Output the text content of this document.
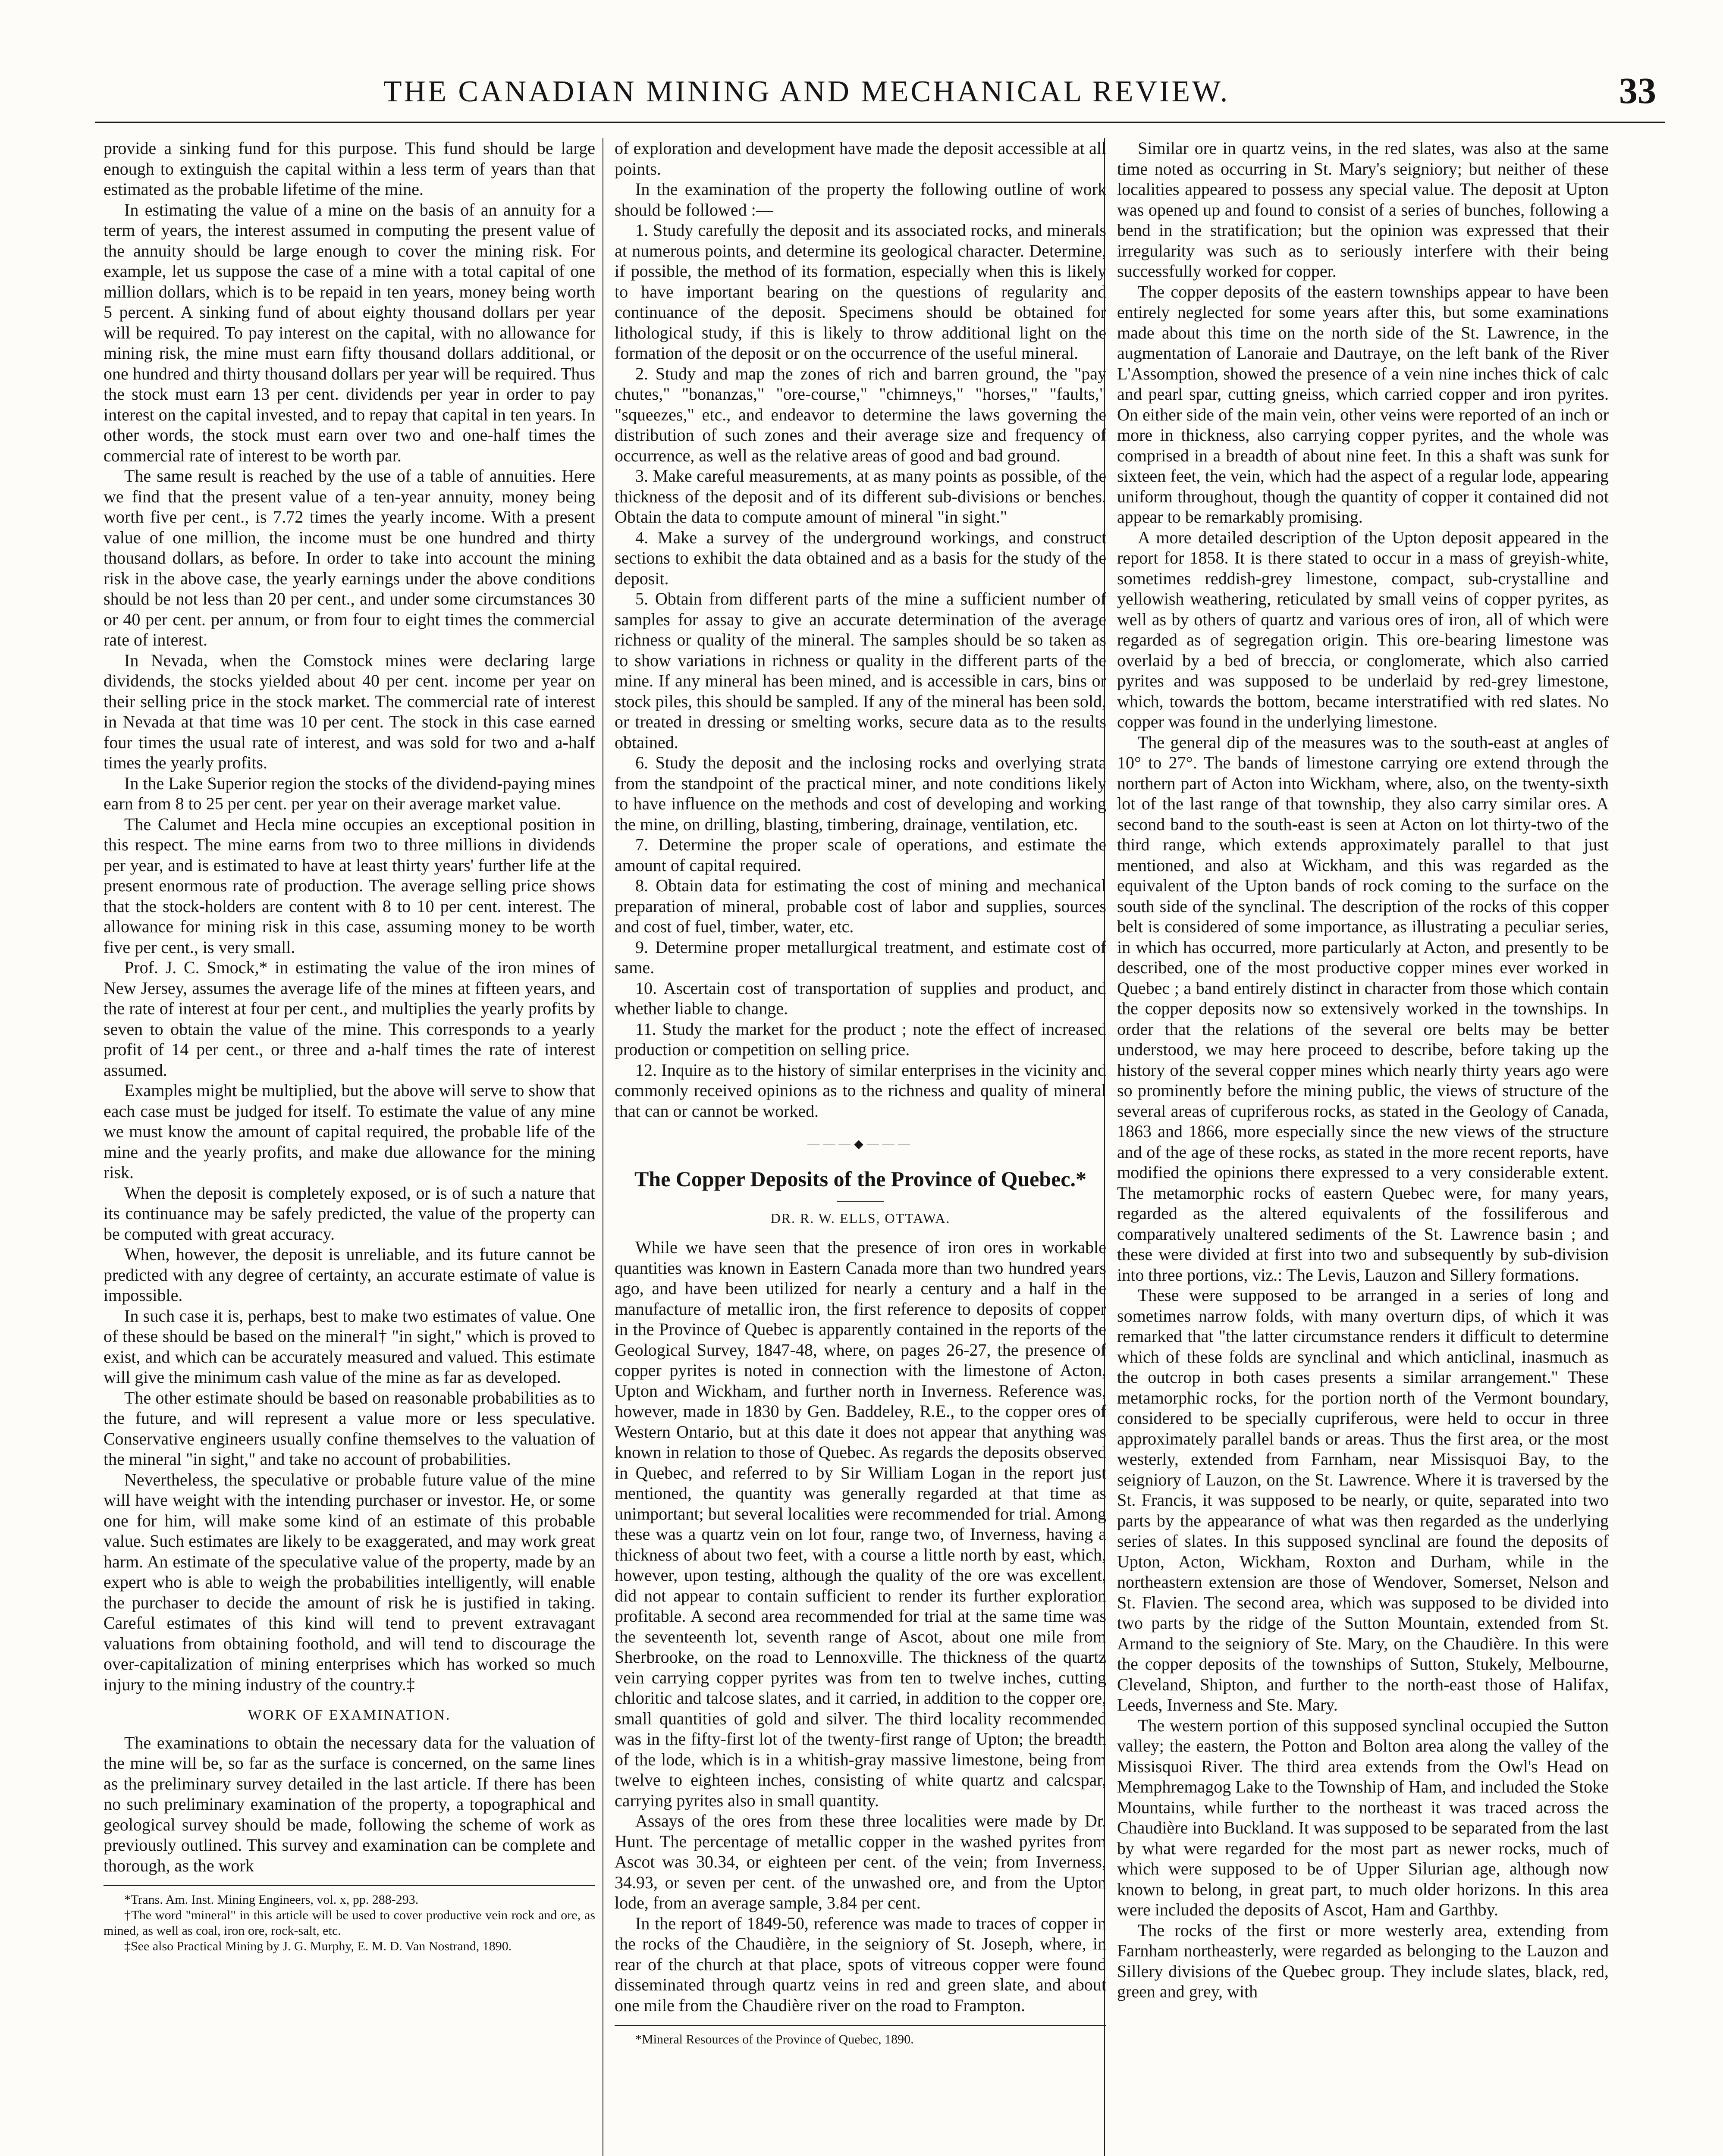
THE CANADIAN MINING AND MECHANICAL REVIEW.	33

provide a sinking fund for this purpose. This fund should be large enough to extinguish the capital within a less term of years than that estimated as the probable lifetime of the mine.

In estimating the value of a mine on the basis of an annuity for a term of years, the interest assumed in computing the present value of the annuity should be large enough to cover the mining risk. For example, let us suppose the case of a mine with a total capital of one million dollars, which is to be repaid in ten years, money being worth 5 percent. A sinking fund of about eighty thousand dollars per year will be required. To pay interest on the capital, with no allowance for mining risk, the mine must earn fifty thousand dollars additional, or one hundred and thirty thousand dollars per year will be required. Thus the stock must earn 13 per cent. dividends per year in order to pay interest on the capital invested, and to repay that capital in ten years. In other words, the stock must earn over two and one-half times the commercial rate of interest to be worth par.

The same result is reached by the use of a table of annuities. Here we find that the present value of a ten-year annuity, money being worth five per cent., is 7.72 times the yearly income. With a present value of one million, the income must be one hundred and thirty thousand dollars, as before. In order to take into account the mining risk in the above case, the yearly earnings under the above conditions should be not less than 20 per cent., and under some circumstances 30 or 40 per cent. per annum, or from four to eight times the commercial rate of interest.

In Nevada, when the Comstock mines were declaring large dividends, the stocks yielded about 40 per cent. income per year on their selling price in the stock market. The commercial rate of interest in Nevada at that time was 10 per cent. The stock in this case earned four times the usual rate of interest, and was sold for two and a-half times the yearly profits.

In the Lake Superior region the stocks of the dividend-paying mines earn from 8 to 25 per cent. per year on their average market value.

The Calumet and Hecla mine occupies an exceptional position in this respect. The mine earns from two to three millions in dividends per year, and is estimated to have at least thirty years' further life at the present enormous rate of production. The average selling price shows that the stock-holders are content with 8 to 10 per cent. interest. The allowance for mining risk in this case, assuming money to be worth five per cent., is very small.

Prof. J. C. Smock,* in estimating the value of the iron mines of New Jersey, assumes the average life of the mines at fifteen years, and the rate of interest at four per cent., and multiplies the yearly profits by seven to obtain the value of the mine. This corresponds to a yearly profit of 14 per cent., or three and a-half times the rate of interest assumed.

Examples might be multiplied, but the above will serve to show that each case must be judged for itself. To estimate the value of any mine we must know the amount of capital required, the probable life of the mine and the yearly profits, and make due allowance for the mining risk.

When the deposit is completely exposed, or is of such a nature that its continuance may be safely predicted, the value of the property can be computed with great accuracy.

When, however, the deposit is unreliable, and its future cannot be predicted with any degree of certainty, an accurate estimate of value is impossible.

In such case it is, perhaps, best to make two estimates of value. One of these should be based on the mineral† "in sight," which is proved to exist, and which can be accurately measured and valued. This estimate will give the minimum cash value of the mine as far as developed.

The other estimate should be based on reasonable probabilities as to the future, and will represent a value more or less speculative. Conservative engineers usually confine themselves to the valuation of the mineral "in sight," and take no account of probabilities.

Nevertheless, the speculative or probable future value of the mine will have weight with the intending purchaser or investor. He, or some one for him, will make some kind of an estimate of this probable value. Such estimates are likely to be exaggerated, and may work great harm. An estimate of the speculative value of the property, made by an expert who is able to weigh the probabilities intelligently, will enable the purchaser to decide the amount of risk he is justified in taking. Careful estimates of this kind will tend to prevent extravagant valuations from obtaining foothold, and will tend to discourage the over-capitalization of mining enterprises which has worked so much injury to the mining industry of the country.‡

WORK OF EXAMINATION.

The examinations to obtain the necessary data for the valuation of the mine will be, so far as the surface is concerned, on the same lines as the preliminary survey detailed in the last article. If there has been no such preliminary examination of the property, a topographical and geological survey should be made, following the scheme of work as previously outlined. This survey and examination can be complete and thorough, as the work

*Trans. Am. Inst. Mining Engineers, vol. x, pp. 288-293.

†The word "mineral" in this article will be used to cover productive vein rock and ore, as mined, as well as coal, iron ore, rock-salt, etc.

‡See also Practical Mining by J. G. Murphy, E. M. D. Van Nostrand, 1890.

of exploration and development have made the deposit accessible at all points.

In the examination of the property the following outline of work should be followed :—

1. Study carefully the deposit and its associated rocks, and minerals at numerous points, and determine its geological character. Determine, if possible, the method of its formation, especially when this is likely to have important bearing on the questions of regularity and continuance of the deposit. Specimens should be obtained for lithological study, if this is likely to throw additional light on the formation of the deposit or on the occurrence of the useful mineral.

2. Study and map the zones of rich and barren ground, the "pay chutes," "bonanzas," "ore-course," "chimneys," "horses," "faults," "squeezes," etc., and endeavor to determine the laws governing the distribution of such zones and their average size and frequency of occurrence, as well as the relative areas of good and bad ground.

3. Make careful measurements, at as many points as possible, of the thickness of the deposit and of its different sub-divisions or benches. Obtain the data to compute amount of mineral "in sight."

4. Make a survey of the underground workings, and construct sections to exhibit the data obtained and as a basis for the study of the deposit.

5. Obtain from different parts of the mine a sufficient number of samples for assay to give an accurate determination of the average richness or quality of the mineral. The samples should be so taken as to show variations in richness or quality in the different parts of the mine. If any mineral has been mined, and is accessible in cars, bins or stock piles, this should be sampled. If any of the mineral has been sold, or treated in dressing or smelting works, secure data as to the results obtained.

6. Study the deposit and the inclosing rocks and overlying strata from the standpoint of the practical miner, and note conditions likely to have influence on the methods and cost of developing and working the mine, on drilling, blasting, timbering, drainage, ventilation, etc.

7. Determine the proper scale of operations, and estimate the amount of capital required.

8. Obtain data for estimating the cost of mining and mechanical preparation of mineral, probable cost of labor and supplies, sources and cost of fuel, timber, water, etc.

9. Determine proper metallurgical treatment, and estimate cost of same.

10. Ascertain cost of transportation of supplies and product, and whether liable to change.

11. Study the market for the product ; note the effect of increased production or competition on selling price.

12. Inquire as to the history of similar enterprises in the vicinity and commonly received opinions as to the richness and quality of mineral that can or cannot be worked.

―――◆―――
The Copper Deposits of the Province of Quebec.*
DR. R. W. ELLS, OTTAWA.

While we have seen that the presence of iron ores in workable quantities was known in Eastern Canada more than two hundred years ago, and have been utilized for nearly a century and a half in the manufacture of metallic iron, the first reference to deposits of copper in the Province of Quebec is apparently contained in the reports of the Geological Survey, 1847-48, where, on pages 26-27, the presence of copper pyrites is noted in connection with the limestone of Acton, Upton and Wickham, and further north in Inverness. Reference was, however, made in 1830 by Gen. Baddeley, R.E., to the copper ores of Western Ontario, but at this date it does not appear that anything was known in relation to those of Quebec. As regards the deposits observed in Quebec, and referred to by Sir William Logan in the report just mentioned, the quantity was generally regarded at that time as unimportant; but several localities were recommended for trial. Among these was a quartz vein on lot four, range two, of Inverness, having a thickness of about two feet, with a course a little north by east, which, however, upon testing, although the quality of the ore was excellent, did not appear to contain sufficient to render its further exploration profitable. A second area recommended for trial at the same time was the seventeenth lot, seventh range of Ascot, about one mile from Sherbrooke, on the road to Lennoxville. The thickness of the quartz vein carrying copper pyrites was from ten to twelve inches, cutting chloritic and talcose slates, and it carried, in addition to the copper ore, small quantities of gold and silver. The third locality recommended was in the fifty-first lot of the twenty-first range of Upton; the breadth of the lode, which is in a whitish-gray massive limestone, being from twelve to eighteen inches, consisting of white quartz and calcspar, carrying pyrites also in small quantity.

Assays of the ores from these three localities were made by Dr. Hunt. The percentage of metallic copper in the washed pyrites from Ascot was 30.34, or eighteen per cent. of the vein; from Inverness, 34.93, or seven per cent. of the unwashed ore, and from the Upton lode, from an average sample, 3.84 per cent.

In the report of 1849-50, reference was made to traces of copper in the rocks of the Chaudière, in the seigniory of St. Joseph, where, in rear of the church at that place, spots of vitreous copper were found disseminated through quartz veins in red and green slate, and about one mile from the Chaudière river on the road to Frampton.

*Mineral Resources of the Province of Quebec, 1890.

Similar ore in quartz veins, in the red slates, was also at the same time noted as occurring in St. Mary's seigniory; but neither of these localities appeared to possess any special value. The deposit at Upton was opened up and found to consist of a series of bunches, following a bend in the stratification; but the opinion was expressed that their irregularity was such as to seriously interfere with their being successfully worked for copper.

The copper deposits of the eastern townships appear to have been entirely neglected for some years after this, but some examinations made about this time on the north side of the St. Lawrence, in the augmentation of Lanoraie and Dautraye, on the left bank of the River L'Assomption, showed the presence of a vein nine inches thick of calc and pearl spar, cutting gneiss, which carried copper and iron pyrites. On either side of the main vein, other veins were reported of an inch or more in thickness, also carrying copper pyrites, and the whole was comprised in a breadth of about nine feet. In this a shaft was sunk for sixteen feet, the vein, which had the aspect of a regular lode, appearing uniform throughout, though the quantity of copper it contained did not appear to be remarkably promising.

A more detailed description of the Upton deposit appeared in the report for 1858. It is there stated to occur in a mass of greyish-white, sometimes reddish-grey limestone, compact, sub-crystalline and yellowish weathering, reticulated by small veins of copper pyrites, as well as by others of quartz and various ores of iron, all of which were regarded as of segregation origin. This ore-bearing limestone was overlaid by a bed of breccia, or conglomerate, which also carried pyrites and was supposed to be underlaid by red-grey limestone, which, towards the bottom, became interstratified with red slates. No copper was found in the underlying limestone.

The general dip of the measures was to the south-east at angles of 10° to 27°. The bands of limestone carrying ore extend through the northern part of Acton into Wickham, where, also, on the twenty-sixth lot of the last range of that township, they also carry similar ores. A second band to the south-east is seen at Acton on lot thirty-two of the third range, which extends approximately parallel to that just mentioned, and also at Wickham, and this was regarded as the equivalent of the Upton bands of rock coming to the surface on the south side of the synclinal. The description of the rocks of this copper belt is considered of some importance, as illustrating a peculiar series, in which has occurred, more particularly at Acton, and presently to be described, one of the most productive copper mines ever worked in Quebec ; a band entirely distinct in character from those which contain the copper deposits now so extensively worked in the townships. In order that the relations of the several ore belts may be better understood, we may here proceed to describe, before taking up the history of the several copper mines which nearly thirty years ago were so prominently before the mining public, the views of structure of the several areas of cupriferous rocks, as stated in the Geology of Canada, 1863 and 1866, more especially since the new views of the structure and of the age of these rocks, as stated in the more recent reports, have modified the opinions there expressed to a very considerable extent. The metamorphic rocks of eastern Quebec were, for many years, regarded as the altered equivalents of the fossiliferous and comparatively unaltered sediments of the St. Lawrence basin ; and these were divided at first into two and subsequently by sub-division into three portions, viz.: The Levis, Lauzon and Sillery formations.

These were supposed to be arranged in a series of long and sometimes narrow folds, with many overturn dips, of which it was remarked that "the latter circumstance renders it difficult to determine which of these folds are synclinal and which anticlinal, inasmuch as the outcrop in both cases presents a similar arrangement." These metamorphic rocks, for the portion north of the Vermont boundary, considered to be specially cupriferous, were held to occur in three approximately parallel bands or areas. Thus the first area, or the most westerly, extended from Farnham, near Missisquoi Bay, to the seigniory of Lauzon, on the St. Lawrence. Where it is traversed by the St. Francis, it was supposed to be nearly, or quite, separated into two parts by the appearance of what was then regarded as the underlying series of slates. In this supposed synclinal are found the deposits of Upton, Acton, Wickham, Roxton and Durham, while in the northeastern extension are those of Wendover, Somerset, Nelson and St. Flavien. The second area, which was supposed to be divided into two parts by the ridge of the Sutton Mountain, extended from St. Armand to the seigniory of Ste. Mary, on the Chaudière. In this were the copper deposits of the townships of Sutton, Stukely, Melbourne, Cleveland, Shipton, and further to the north-east those of Halifax, Leeds, Inverness and Ste. Mary.

The western portion of this supposed synclinal occupied the Sutton valley; the eastern, the Potton and Bolton area along the valley of the Missisquoi River. The third area extends from the Owl's Head on Memphremagog Lake to the Township of Ham, and included the Stoke Mountains, while further to the northeast it was traced across the Chaudière into Buckland. It was supposed to be separated from the last by what were regarded for the most part as newer rocks, much of which were supposed to be of Upper Silurian age, although now known to belong, in great part, to much older horizons. In this area were included the deposits of Ascot, Ham and Garthby.

The rocks of the first or more westerly area, extending from Farnham northeasterly, were regarded as belonging to the Lauzon and Sillery divisions of the Quebec group. They include slates, black, red, green and grey, with
